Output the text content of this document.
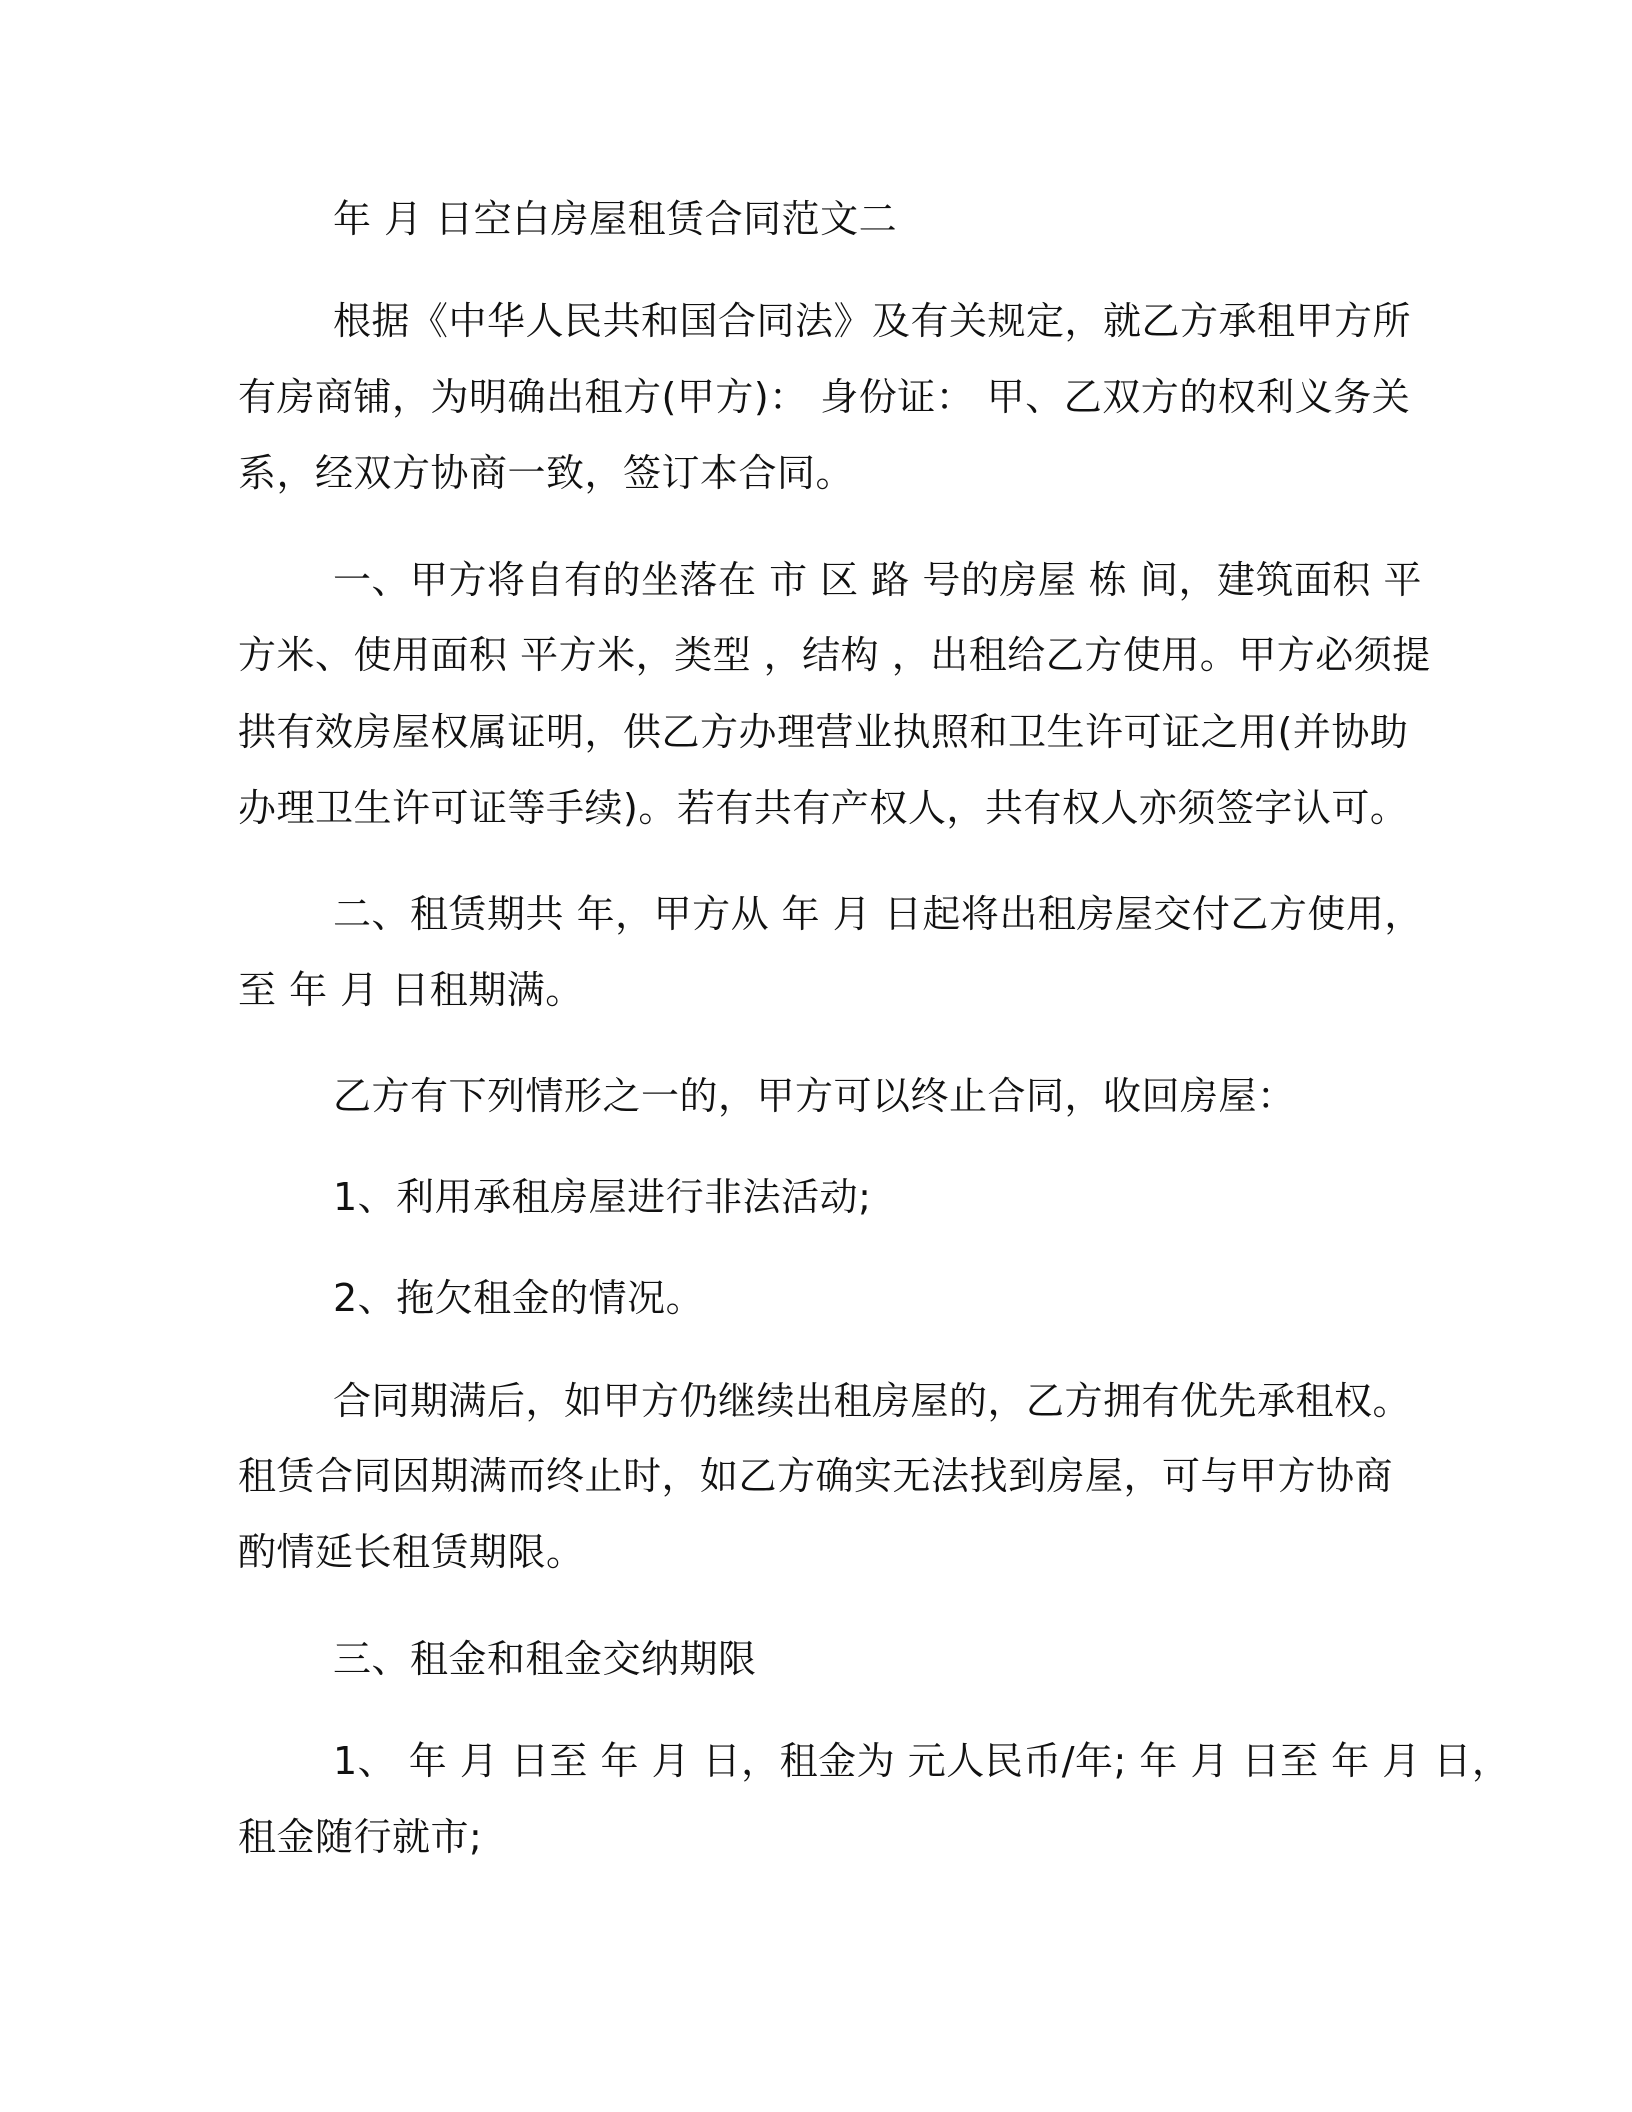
年 月 日空白房屋租赁合同范文二
根据《中华人民共和国合同法》及有关规定，就乙方承租甲方所
有房商铺，为明确出租方(甲方)： 身份证： 甲、乙双方的权利义务关
系，经双方协商一致，签订本合同。
一、甲方将自有的坐落在 市 区 路 号的房屋 栋 间，建筑面积 平
方米、使用面积 平方米，类型 ，结构 ，出租给乙方使用。甲方必须提
拱有效房屋权属证明，供乙方办理营业执照和卫生许可证之用(并协助
办理卫生许可证等手续)。若有共有产权人，共有权人亦须签字认可。
二、租赁期共 年，甲方从 年 月 日起将出租房屋交付乙方使用，
至 年 月 日租期满。
乙方有下列情形之一的，甲方可以终止合同，收回房屋：
1、利用承租房屋进行非法活动;
2、拖欠租金的情况。
合同期满后，如甲方仍继续出租房屋的，乙方拥有优先承租权。
租赁合同因期满而终止时，如乙方确实无法找到房屋，可与甲方协商
酌情延长租赁期限。
三、租金和租金交纳期限
1、 年 月 日至 年 月 日，租金为 元人民币/年; 年 月 日至 年 月 日，
租金随行就市;
